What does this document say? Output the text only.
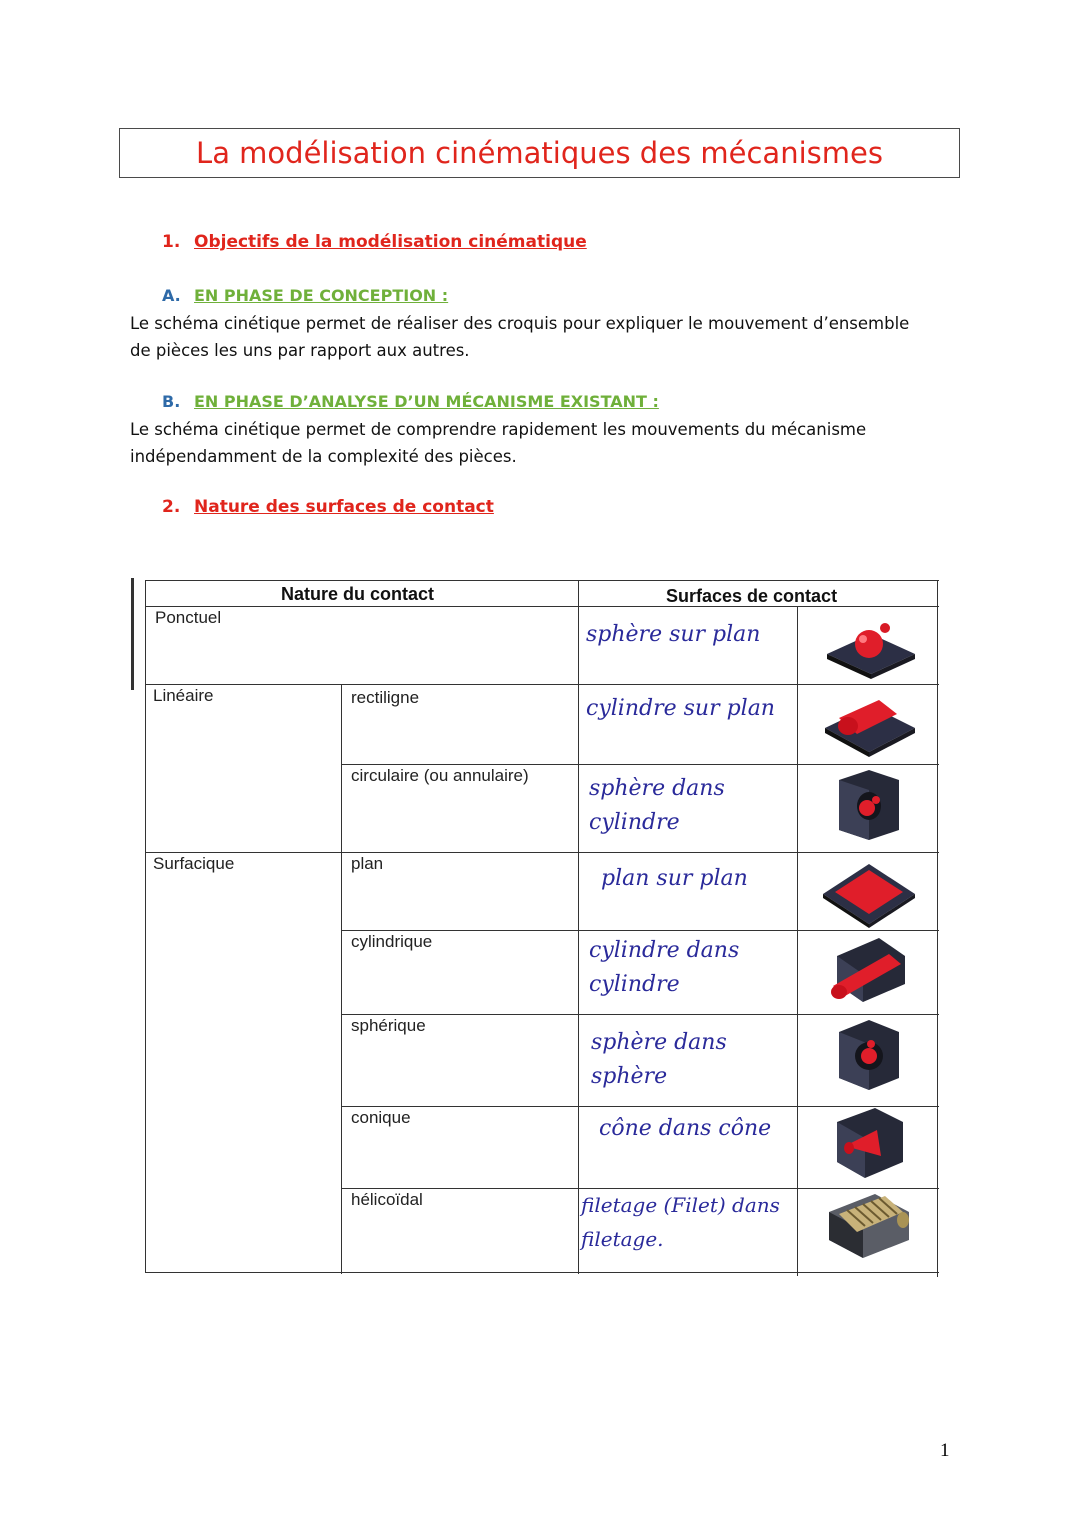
La modélisation cinématiques des mécanismes
1. Objectifs de la modélisation cinématique
A. EN PHASE DE CONCEPTION :
Le schéma cinétique permet de réaliser des croquis pour expliquer le mouvement d’ensemble de pièces les uns par rapport aux autres.
B. EN PHASE D’ANALYSE D’UN MÉCANISME EXISTANT :
Le schéma cinétique permet de comprendre rapidement les mouvements du mécanisme indépendamment de la complexité des pièces.
2. Nature des surfaces de contact
Nature du contact	Surfaces de contact
Ponctuel
Linéaire
Surfacique
rectiligne
circulaire (ou annulaire)
plan
cylindrique
sphérique
conique
hélicoïdal
sphère sur plan
cylindre sur plan
sphère dans cylindre
plan sur plan
cylindre dans cylindre
sphère dans sphère
cône dans cône
filetage (Filet) dans filetage.
1
